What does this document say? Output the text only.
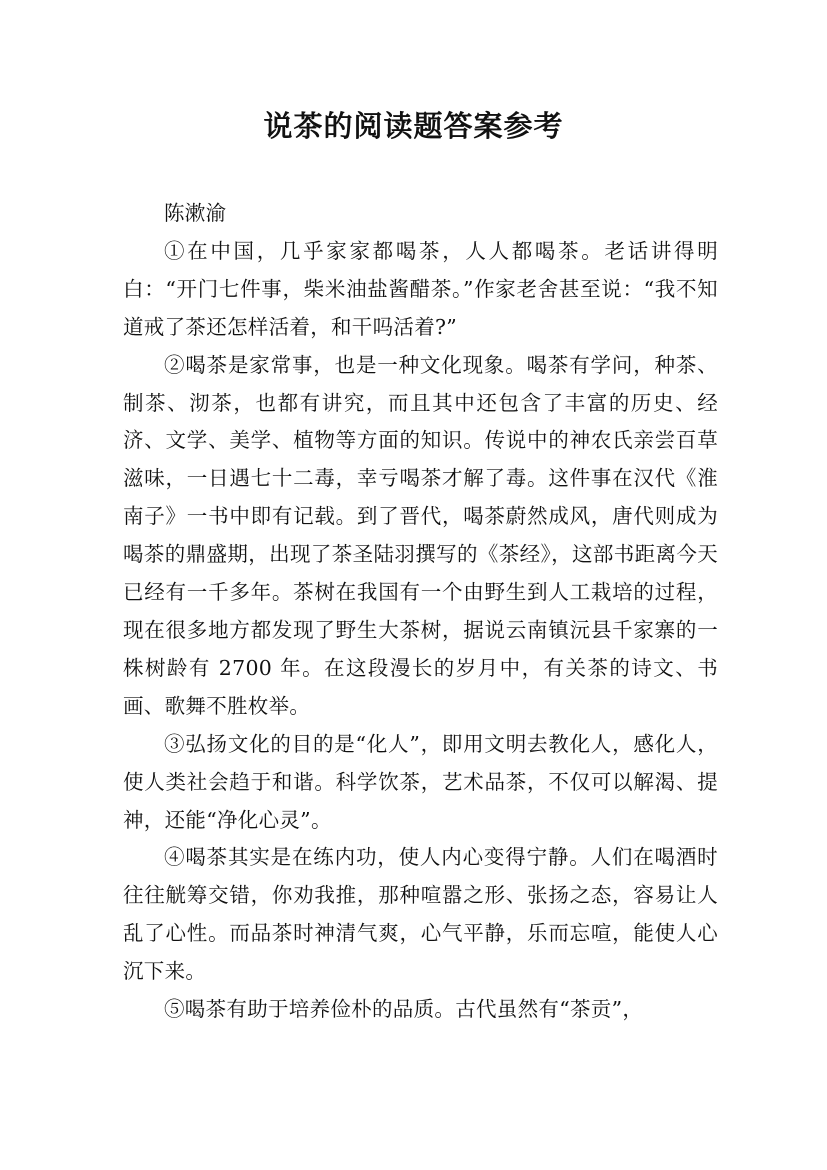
说茶的阅读题答案参考

陈漱渝

①在中国，几乎家家都喝茶，人人都喝茶。老话讲得明白：“开门七件事，柴米油盐酱醋茶。”作家老舍甚至说：“我不知道戒了茶还怎样活着，和干吗活着?”

②喝茶是家常事，也是一种文化现象。喝茶有学问，种茶、制茶、沏茶，也都有讲究，而且其中还包含了丰富的历史、经济、文学、美学、植物等方面的知识。传说中的神农氏亲尝百草滋味，一日遇七十二毒，幸亏喝茶才解了毒。这件事在汉代《淮南子》一书中即有记载。到了晋代，喝茶蔚然成风，唐代则成为喝茶的鼎盛期，出现了茶圣陆羽撰写的《茶经》，这部书距离今天已经有一千多年。茶树在我国有一个由野生到人工栽培的过程，现在很多地方都发现了野生大茶树，据说云南镇沅县千家寨的一株树龄有 2700 年。在这段漫长的岁月中，有关茶的诗文、书画、歌舞不胜枚举。

③弘扬文化的目的是“化人”，即用文明去教化人，感化人，使人类社会趋于和谐。科学饮茶，艺术品茶，不仅可以解渴、提神，还能“净化心灵”。

④喝茶其实是在练内功，使人内心变得宁静。人们在喝酒时往往觥筹交错，你劝我推，那种喧嚣之形、张扬之态，容易让人乱了心性。而品茶时神清气爽，心气平静，乐而忘喧，能使人心沉下来。

⑤喝茶有助于培养俭朴的品质。古代虽然有“茶贡”，
